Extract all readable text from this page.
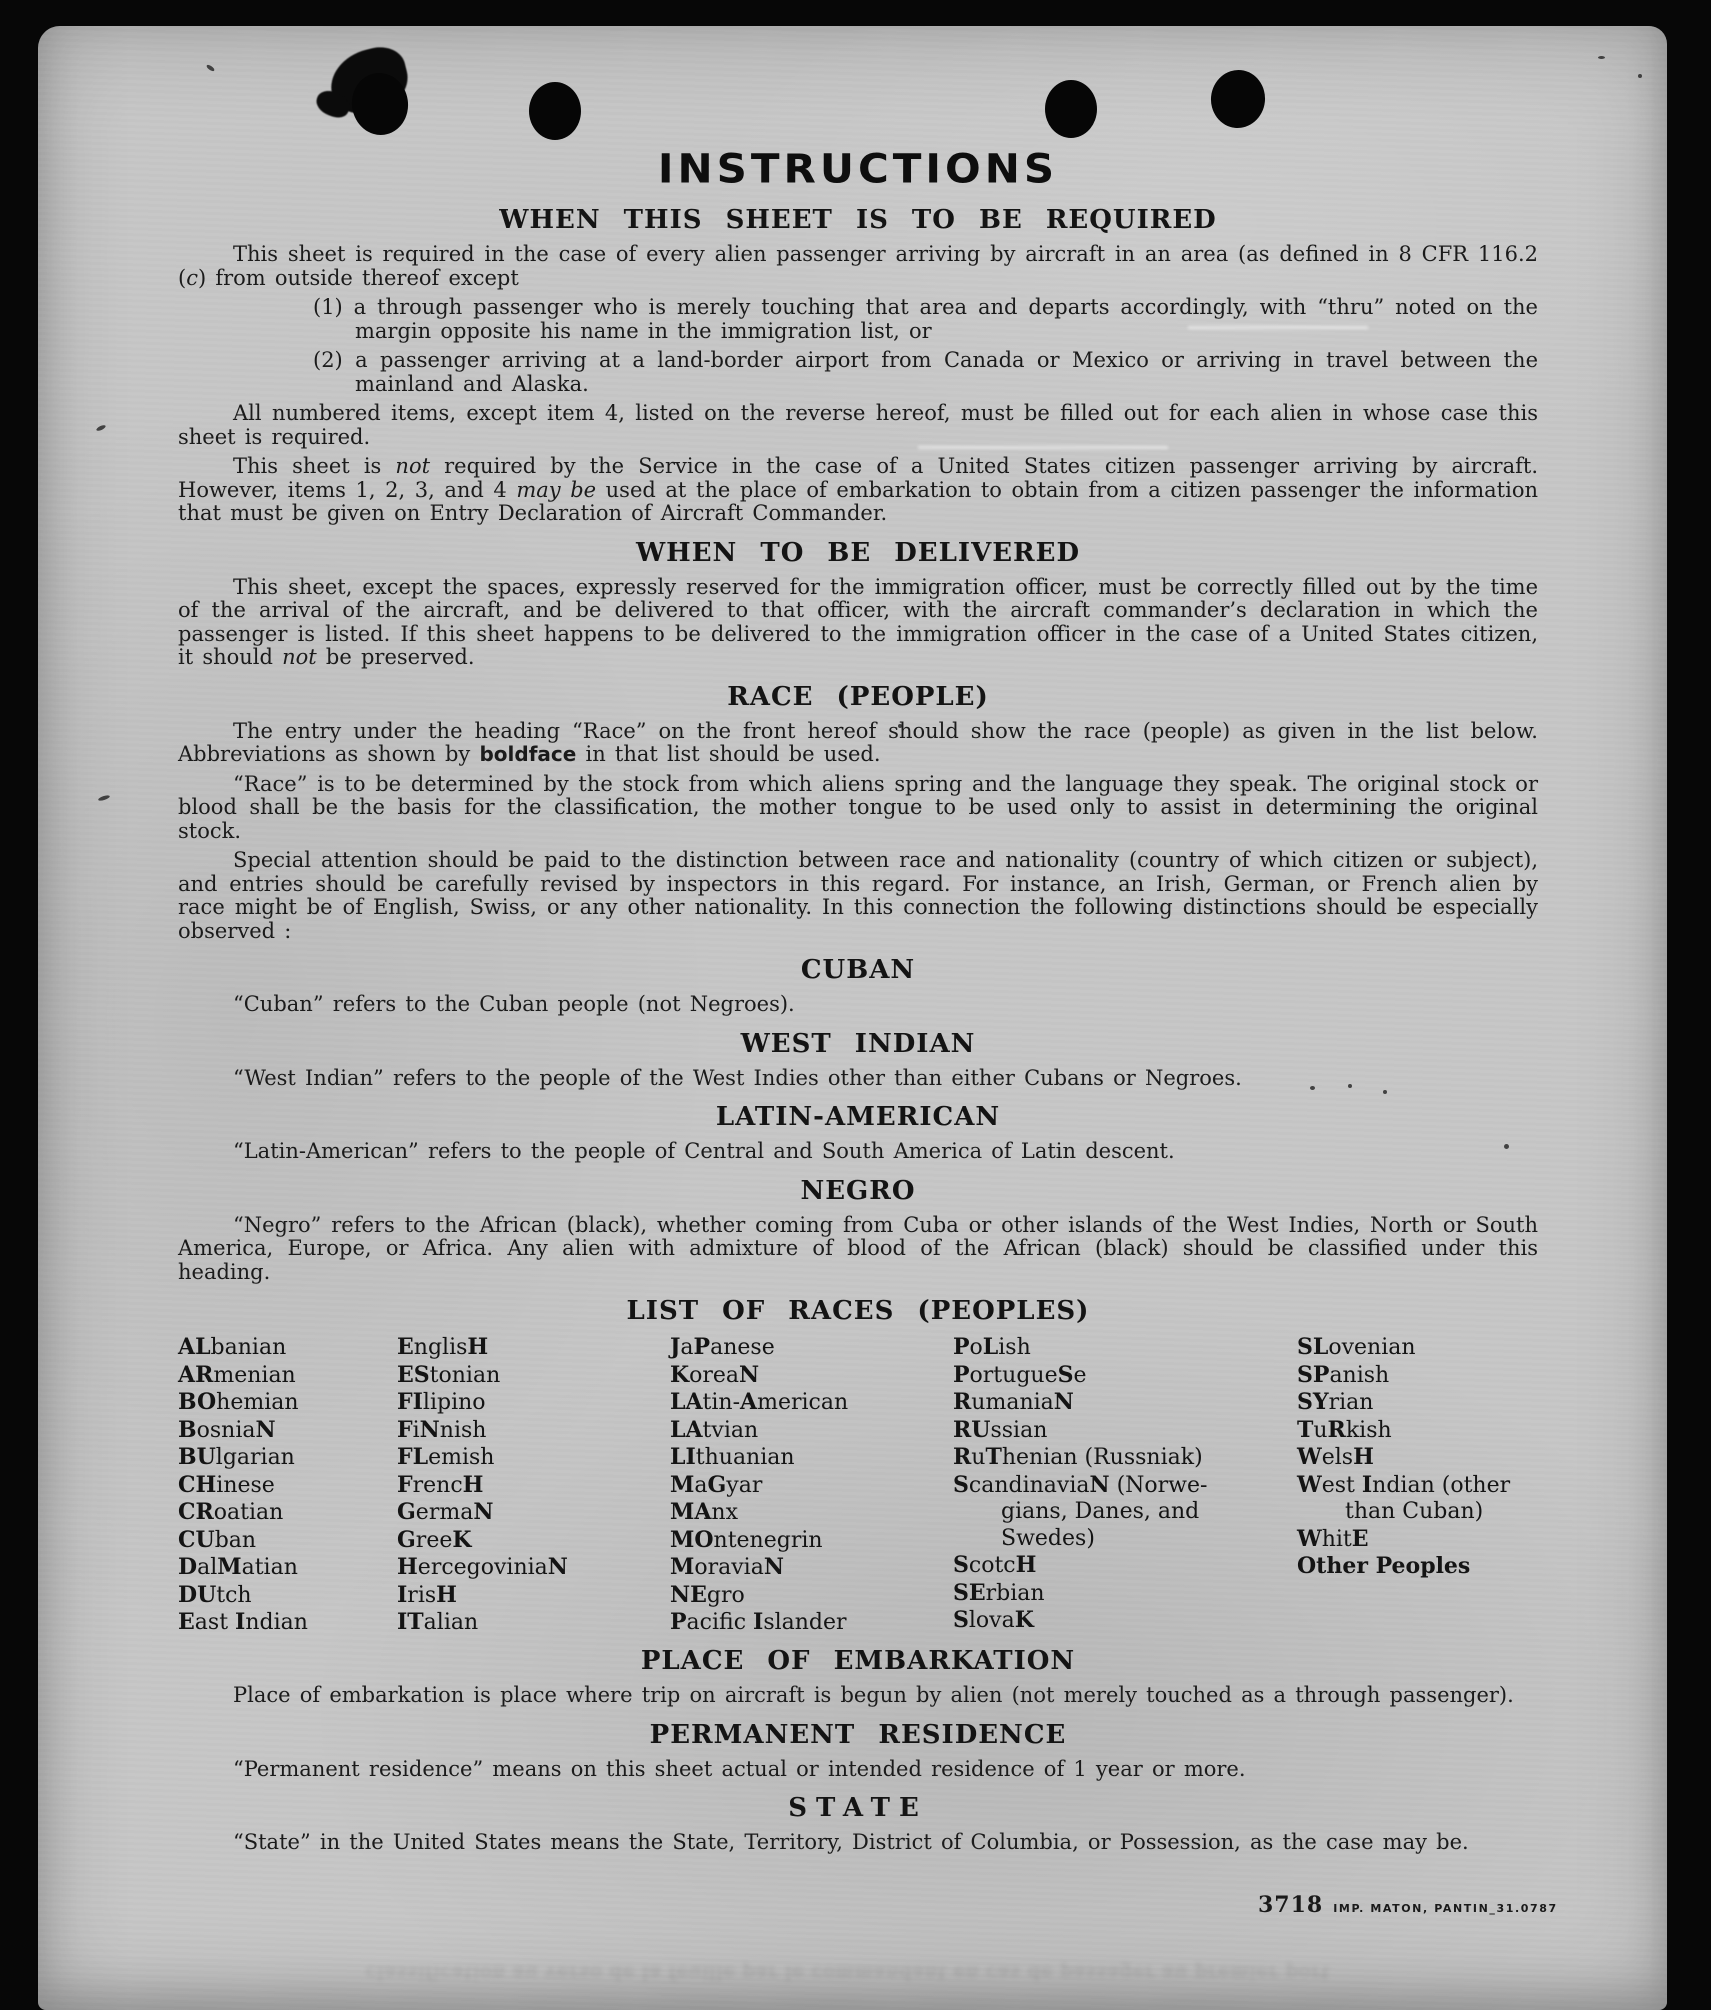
INSTRUCTIONS
WHEN THIS SHEET IS TO BE REQUIRED

This sheet is required in the case of every alien passenger arriving by aircraft in an area (as defined in 8 CFR 116.2 (c) from outside thereof except

(1) a through passenger who is merely touching that area and departs accordingly, with “thru” noted on the margin opposite his name in the immigration list, or

(2) a passenger arriving at a land-border airport from Canada or Mexico or arriving in travel between the mainland and Alaska.

All numbered items, except item 4, listed on the reverse hereof, must be filled out for each alien in whose case this sheet is required.

This sheet is not required by the Service in the case of a United States citizen passenger arriving by aircraft. However, items 1, 2, 3, and 4 may be used at the place of embarkation to obtain from a citizen passenger the information that must be given on Entry Declaration of Aircraft Commander.

WHEN TO BE DELIVERED

This sheet, except the spaces, expressly reserved for the immigration officer, must be correctly filled out by the time of the arrival of the aircraft, and be delivered to that officer, with the aircraft commander’s declaration in which the passenger is listed. If this sheet happens to be delivered to the immigration officer in the case of a United States citizen, it should not be preserved.

RACE (PEOPLE)

The entry under the heading “Race” on the front hereof should show the race (people) as given in the list below. Abbreviations as shown by boldface in that list should be used.

“Race” is to be determined by the stock from which aliens spring and the language they speak. The original stock or blood shall be the basis for the classification, the mother tongue to be used only to assist in determining the original stock.

Special attention should be paid to the distinction between race and nationality (country of which citizen or subject), and entries should be carefully revised by inspectors in this regard. For instance, an Irish, German, or French alien by race might be of English, Swiss, or any other nationality. In this connection the following distinctions should be especially observed :

CUBAN

“Cuban” refers to the Cuban people (not Negroes).

WEST INDIAN

“West Indian” refers to the people of the West Indies other than either Cubans or Negroes.

LATIN-AMERICAN

“Latin-American” refers to the people of Central and South America of Latin descent.

NEGRO

“Negro” refers to the African (black), whether coming from Cuba or other islands of the West Indies, North or South America, Europe, or Africa. Any alien with admixture of blood of the African (black) should be classified under this heading.

LIST OF RACES (PEOPLES)
ALbanian
ARmenian
BOhemian
BosniaN
BUlgarian
CHinese
CRoatian
CUban
DalMatian
DUtch
East Indian
EnglisH
EStonian
FIlipino
FiNnish
FLemish
FrencH
GermaN
GreeK
HercegoviniaN
IrisH
ITalian
JaPanese
KoreaN
LAtin-American
LAtvian
LIthuanian
MaGyar
MAnx
MOntenegrin
MoraviaN
NEgro
Pacific Islander
PoLish
PortugueSe
RumaniaN
RUssian
RuThenian (Russniak)
ScandinaviaN (Norwegians, Danes, and Swedes)
ScotcH
SErbian
SlovaK
SLovenian
SPanish
SYrian
TuRkish
WelsH
West Indian (other than Cuban)
WhitE
Other Peoples
PLACE OF EMBARKATION

Place of embarkation is place where trip on aircraft is begun by alien (not merely touched as a through passenger).

PERMANENT RESIDENCE

“Permanent residence” means on this sheet actual or intended residence of 1 year or more.

STATE

“State” in the United States means the State, Territory, District of Columbia, or Possession, as the case may be.

3718 IMP. MATON, PANTIN_31.0787
classification au verso de la feuille par le commandant en cas de passager au premier port
